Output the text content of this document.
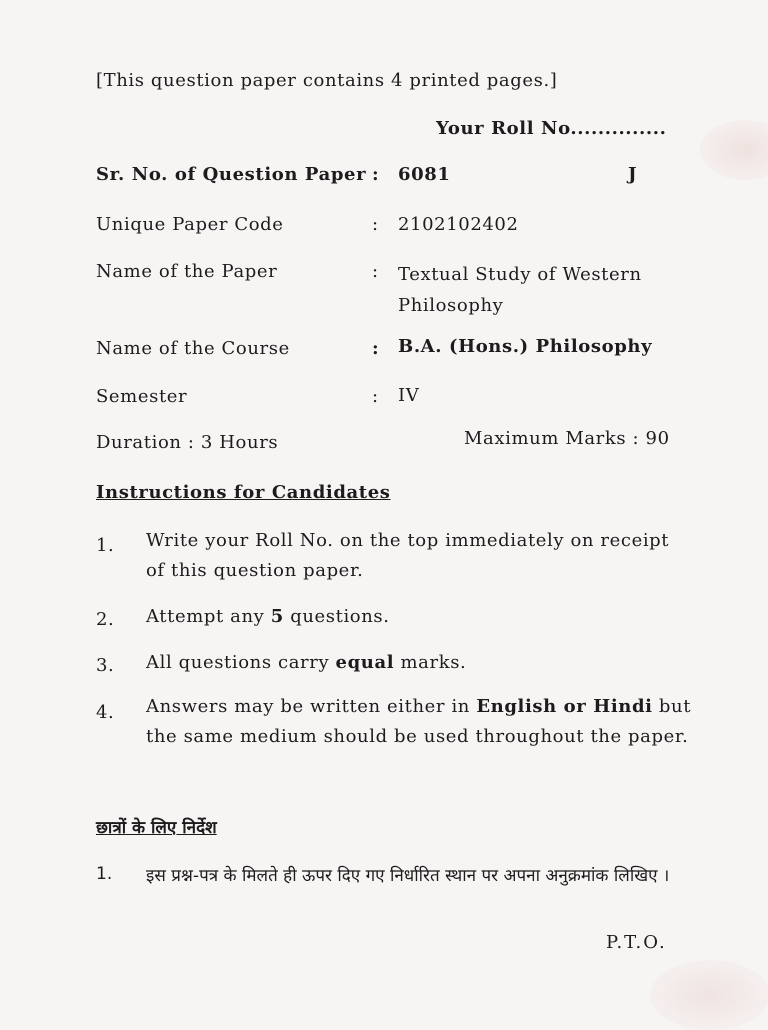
[This question paper contains 4 printed pages.]
Your Roll No..............
Sr. No. of Question Paper : 6081	J
Unique Paper Code	: 2102102402
Name of the Paper	: Textual Study of Western Philosophy
Name of the Course	: B.A. (Hons.) Philosophy
Semester	: IV
Duration : 3 Hours	Maximum Marks : 90
Instructions for Candidates
1. Write your Roll No. on the top immediately on receipt of this question paper.
2. Attempt any 5 questions.
3. All questions carry equal marks.
4. Answers may be written either in English or Hindi but the same medium should be used throughout the paper.
छात्रों के लिए निर्देश
1. इस प्रश्न-पत्र के मिलते ही ऊपर दिए गए निर्धारित स्थान पर अपना अनुक्रमांक लिखिए ।
P.T.O.
